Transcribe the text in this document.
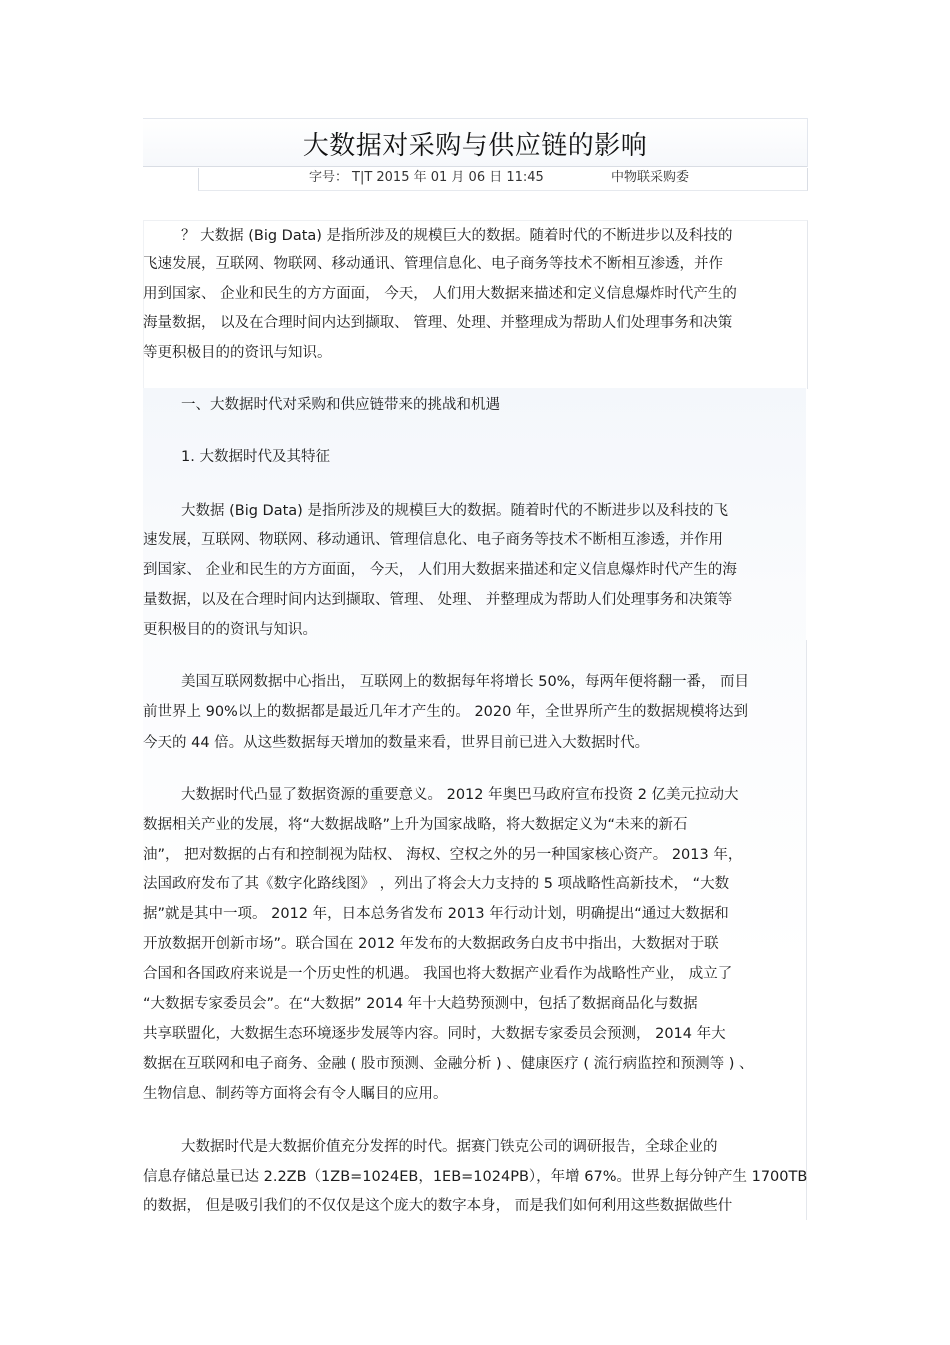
大数据对采购与供应链的影响
字号： T|T 2015 年 01 月 06 日 11:45	中物联采购委
？ 大数据 (Big Data) 是指所涉及的规模巨大的数据。随着时代的不断进步以及科技的
飞速发展，互联网、物联网、移动通讯、管理信息化、电子商务等技术不断相互渗透，并作
用到国家、 企业和民生的方方面面， 今天， 人们用大数据来描述和定义信息爆炸时代产生的
海量数据， 以及在合理时间内达到撷取、 管理、处理、并整理成为帮助人们处理事务和决策
等更积极目的的资讯与知识。
一、大数据时代对采购和供应链带来的挑战和机遇
1. 大数据时代及其特征
大数据 (Big Data) 是指所涉及的规模巨大的数据。随着时代的不断进步以及科技的飞
速发展，互联网、物联网、移动通讯、管理信息化、电子商务等技术不断相互渗透，并作用
到国家、 企业和民生的方方面面， 今天， 人们用大数据来描述和定义信息爆炸时代产生的海
量数据，以及在合理时间内达到撷取、管理、 处理、 并整理成为帮助人们处理事务和决策等
更积极目的的资讯与知识。
美国互联网数据中心指出， 互联网上的数据每年将增长 50%，每两年便将翻一番， 而目
前世界上 90%以上的数据都是最近几年才产生的。 2020 年，全世界所产生的数据规模将达到
今天的 44 倍。从这些数据每天增加的数量来看，世界目前已进入大数据时代。
大数据时代凸显了数据资源的重要意义。 2012 年奥巴马政府宣布投资 2 亿美元拉动大
数据相关产业的发展，将“大数据战略”上升为国家战略，将大数据定义为“未来的新石
油”， 把对数据的占有和控制视为陆权、 海权、空权之外的另一种国家核心资产。 2013 年，
法国政府发布了其《数字化路线图》 ，列出了将会大力支持的 5 项战略性高新技术， “大数
据”就是其中一项。 2012 年，日本总务省发布 2013 年行动计划，明确提出“通过大数据和
开放数据开创新市场”。联合国在 2012 年发布的大数据政务白皮书中指出，大数据对于联
合国和各国政府来说是一个历史性的机遇。 我国也将大数据产业看作为战略性产业， 成立了
“大数据专家委员会”。在“大数据” 2014 年十大趋势预测中，包括了数据商品化与数据
共享联盟化，大数据生态环境逐步发展等内容。同时，大数据专家委员会预测， 2014 年大
数据在互联网和电子商务、金融 ( 股市预测、金融分析 ) 、健康医疗 ( 流行病监控和预测等 ) 、
生物信息、制药等方面将会有令人瞩目的应用。
大数据时代是大数据价值充分发挥的时代。据赛门铁克公司的调研报告，全球企业的
信息存储总量已达 2.2ZB（1ZB=1024EB，1EB=1024PB），年增 67%。世界上每分钟产生 1700TB
的数据， 但是吸引我们的不仅仅是这个庞大的数字本身， 而是我们如何利用这些数据做些什
